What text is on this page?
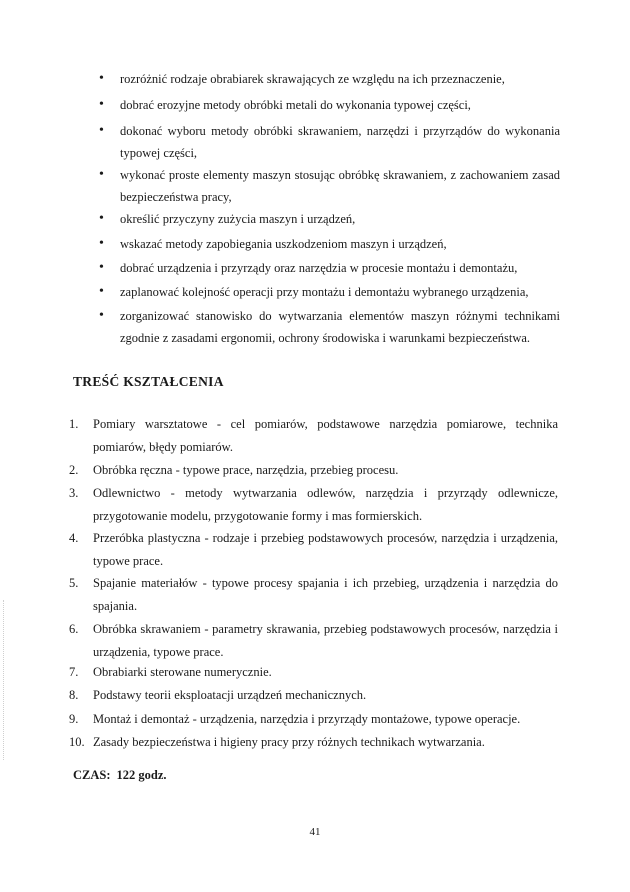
• rozróżnić rodzaje obrabiarek skrawających ze względu na ich przeznaczenie,
• dobrać erozyjne metody obróbki metali do wykonania typowej części,
• dokonać wyboru metody obróbki skrawaniem, narzędzi i przyrządów do wykonania typowej części,
• wykonać proste elementy maszyn stosując obróbkę skrawaniem, z zachowaniem zasad bezpieczeństwa pracy,
• określić przyczyny zużycia maszyn i urządzeń,
• wskazać metody zapobiegania uszkodzeniom maszyn i urządzeń,
• dobrać urządzenia i przyrządy oraz narzędzia w procesie montażu i demontażu,
• zaplanować kolejność operacji przy montażu i demontażu wybranego urządzenia,
• zorganizować stanowisko do wytwarzania elementów maszyn różnymi technikami zgodnie z zasadami ergonomii, ochrony środowiska i warunkami bezpieczeństwa.
TREŚĆ KSZTAŁCENIA
1.	Pomiary warsztatowe - cel pomiarów, podstawowe narzędzia pomiarowe, technika pomiarów, błędy pomiarów.
2.	Obróbka ręczna - typowe prace, narzędzia, przebieg procesu.
3.	Odlewnictwo - metody wytwarzania odlewów, narzędzia i przyrządy odlewnicze, przygotowanie modelu, przygotowanie formy i mas formierskich.
4.	Przeróbka plastyczna - rodzaje i przebieg podstawowych procesów, narzędzia i urządzenia, typowe prace.
5.	Spajanie materiałów - typowe procesy spajania i ich przebieg, urządzenia i narzędzia do spajania.
6.	Obróbka skrawaniem - parametry skrawania, przebieg podstawowych procesów, narzędzia i urządzenia, typowe prace.
7.	Obrabiarki sterowane numerycznie.
8.	Podstawy teorii eksploatacji urządzeń mechanicznych.
9.	Montaż i demontaż - urządzenia, narzędzia i przyrządy montażowe, typowe operacje.
10. Zasady bezpieczeństwa i higieny pracy przy różnych technikach wytwarzania.
CZAS: 122 godz.
41
